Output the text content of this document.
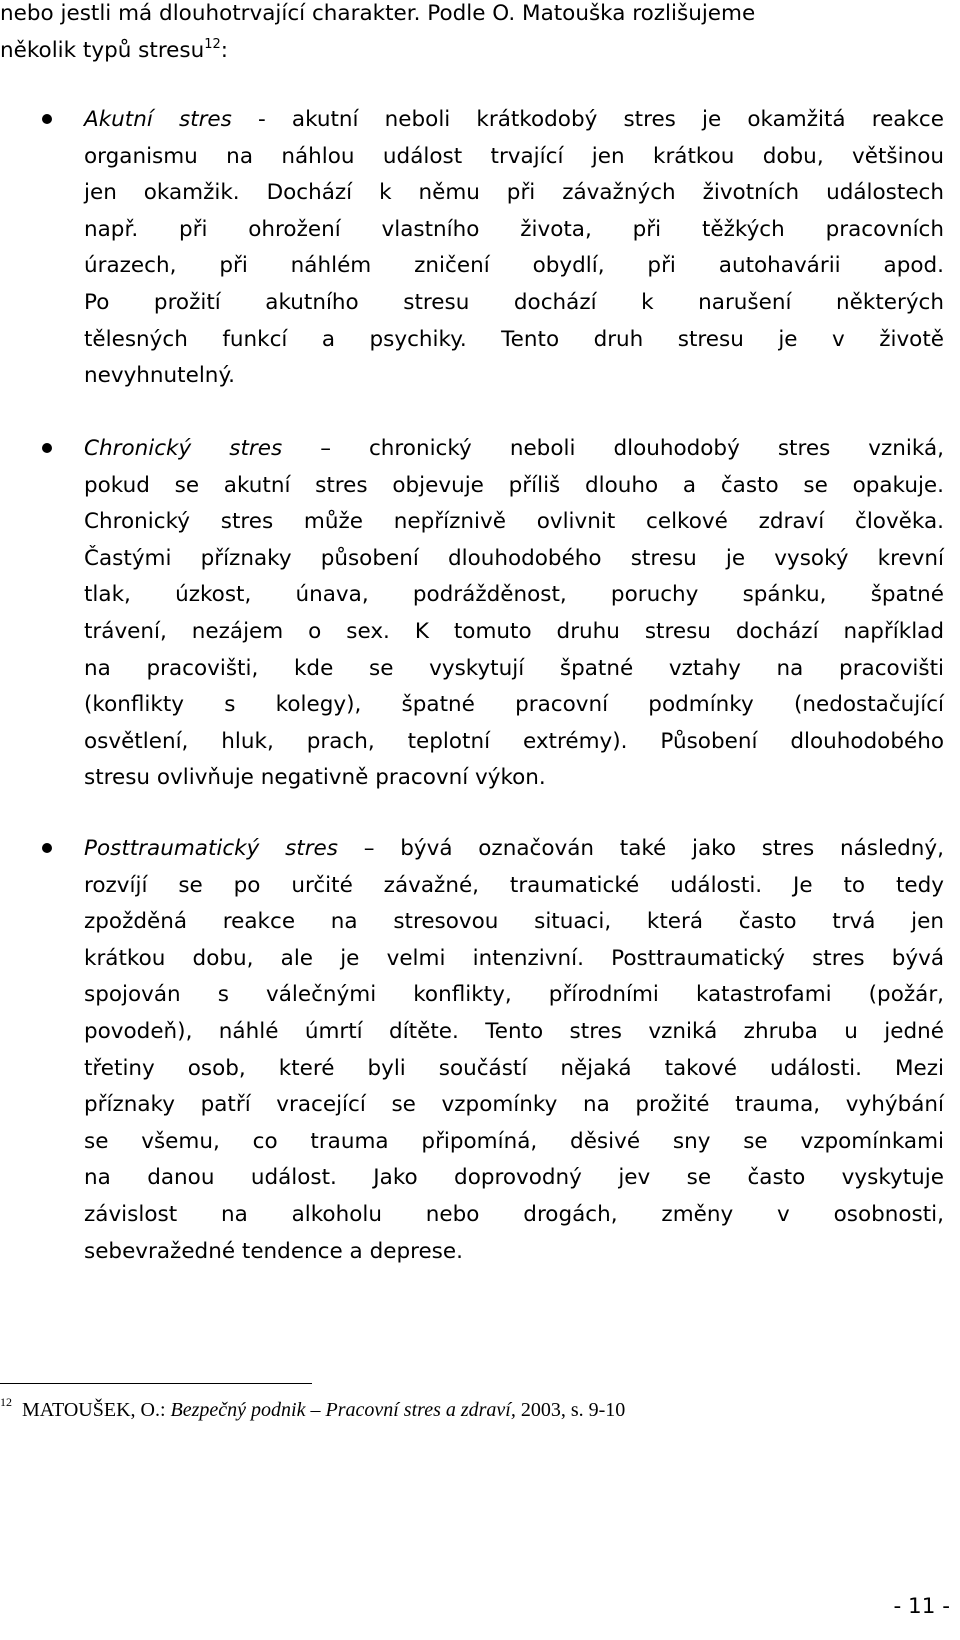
nebo jestli má dlouhotrvající charakter. Podle O. Matouška rozlišujeme
několik typů stresu$^{12}$:
Akutní stres - akutní neboli krátkodobý stres je okamžitá reakce
organismu na náhlou událost trvající jen krátkou dobu, většinou
jen okamžik. Dochází k němu při závažných životních událostech
např. při ohrožení vlastního života, při těžkých pracovních
úrazech, při náhlém zničení obydlí, při autohavárii apod.
Po prožití akutního stresu dochází k narušení některých
tělesných funkcí a psychiky. Tento druh stresu je v životě
nevyhnutelný.
Chronický stres – chronický neboli dlouhodobý stres vzniká,
pokud se akutní stres objevuje příliš dlouho a často se opakuje.
Chronický stres může nepříznivě ovlivnit celkové zdraví člověka.
Častými příznaky působení dlouhodobého stresu je vysoký krevní
tlak, úzkost, únava, podrážděnost, poruchy spánku, špatné
trávení, nezájem o sex. K tomuto druhu stresu dochází například
na pracovišti, kde se vyskytují špatné vztahy na pracovišti
(konflikty s kolegy), špatné pracovní podmínky (nedostačující
osvětlení, hluk, prach, teplotní extrémy). Působení dlouhodobého
stresu ovlivňuje negativně pracovní výkon.
Posttraumatický stres – bývá označován také jako stres následný,
rozvíjí se po určité závažné, traumatické události. Je to tedy
zpožděná reakce na stresovou situaci, která často trvá jen
krátkou dobu, ale je velmi intenzivní. Posttraumatický stres bývá
spojován s válečnými konflikty, přírodními katastrofami (požár,
povodeň), náhlé úmrtí dítěte. Tento stres vzniká zhruba u jedné
třetiny osob, které byli součástí nějaká takové události. Mezi
příznaky patří vracející se vzpomínky na prožité trauma, vyhýbání
se všemu, co trauma připomíná, děsivé sny se vzpomínkami
na danou událost. Jako doprovodný jev se často vyskytuje
závislost na alkoholu nebo drogách, změny v osobnosti,
sebevražedné tendence a deprese.
$^{12}$ MATOUŠEK, O.: Bezpečný podnik – Pracovní stres a zdraví, 2003, s. 9-10
- 11 -
